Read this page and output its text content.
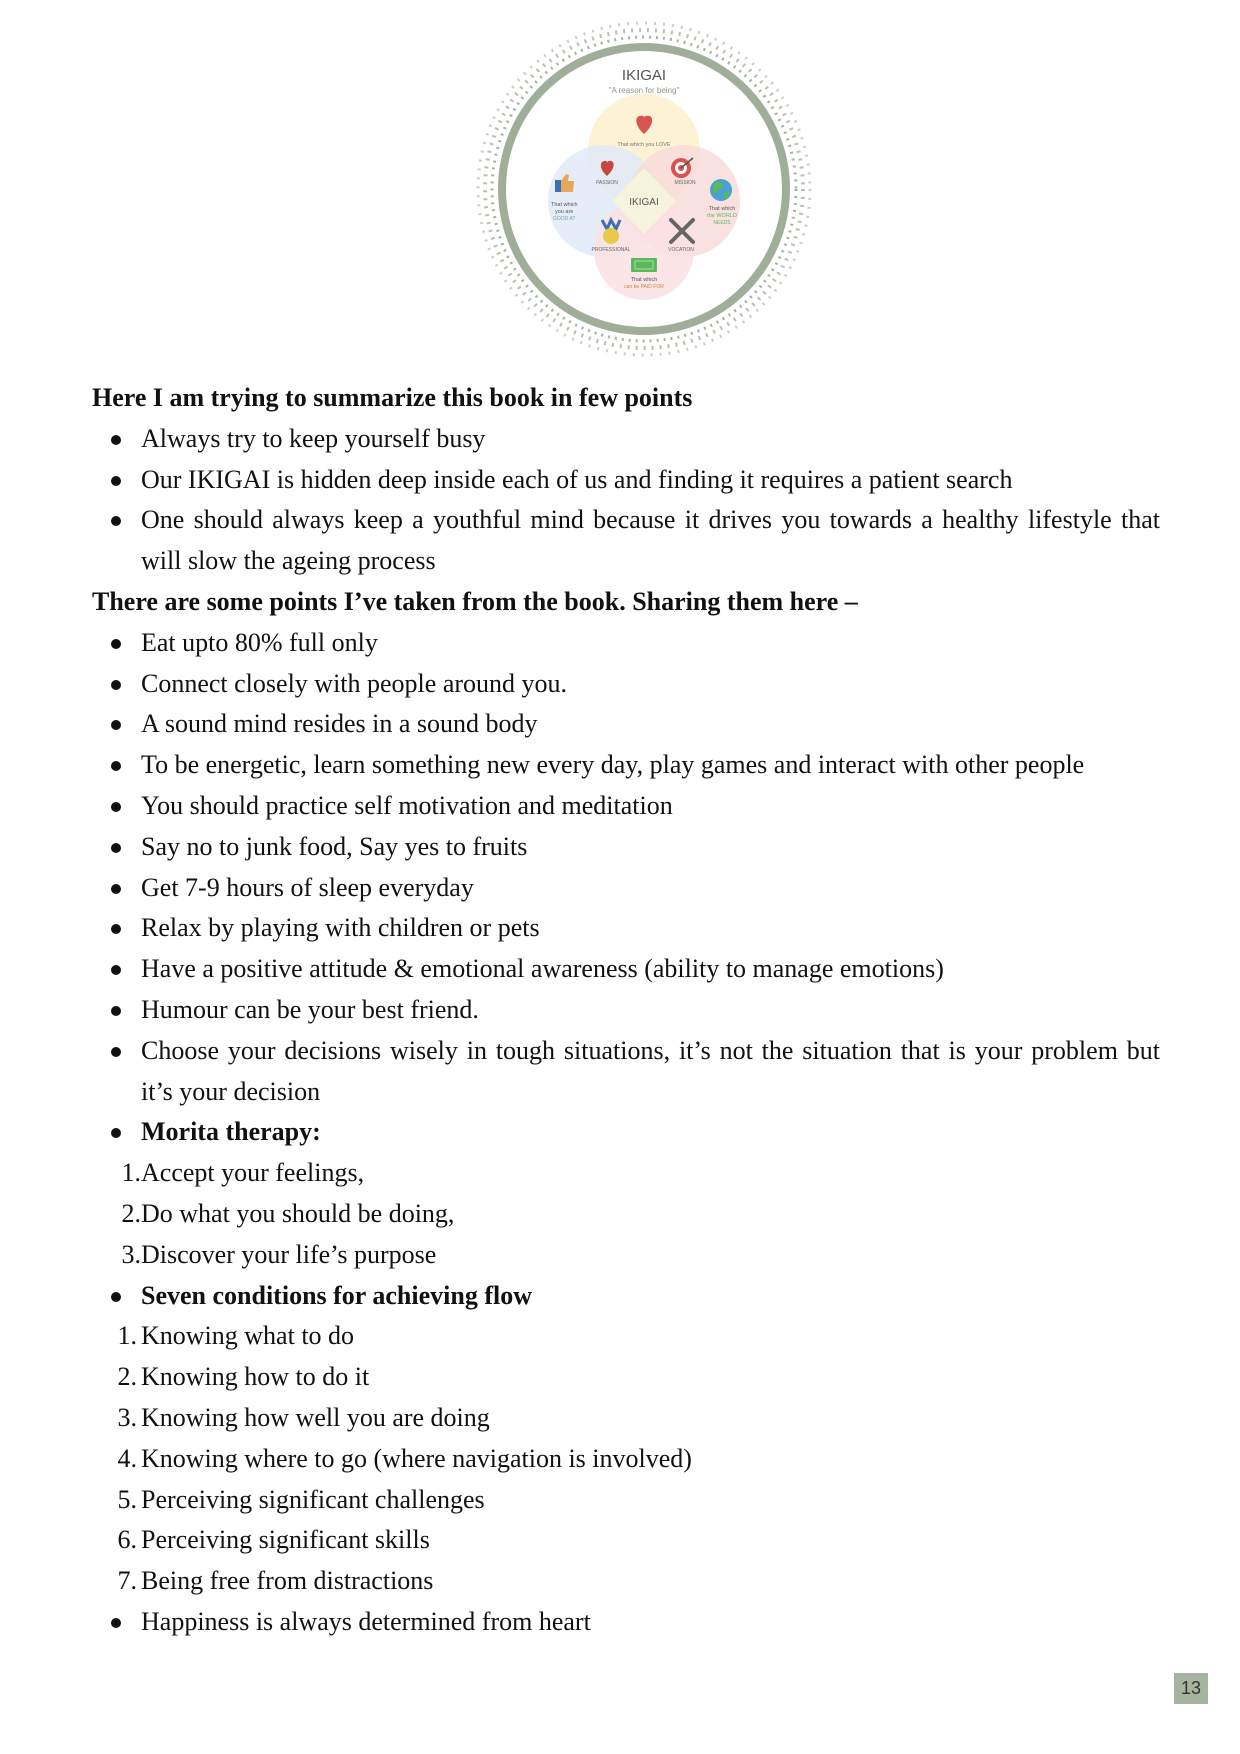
IKIGAI
"A reason for being"
That which you LOVE
PASSION	MISSION
That which
you are
GOOD AT
IKIGAI
That which
the WORLD
NEEDS
PROFESSIONAL	VOCATION
That which
can be PAID FOR
Here I am trying to summarize this book in few points
Always try to keep yourself busy
Our IKIGAI is hidden deep inside each of us and finding it requires a patient search
One should always keep a youthful mind because it drives you towards a healthy lifestyle that will slow the ageing process
There are some points I’ve taken from the book. Sharing them here –
Eat upto 80% full only
Connect closely with people around you.
A sound mind resides in a sound body
To be energetic, learn something new every day, play games and interact with other people
You should practice self motivation and meditation
Say no to junk food, Say yes to fruits
Get 7-9 hours of sleep everyday
Relax by playing with children or pets
Have a positive attitude & emotional awareness (ability to manage emotions)
Humour can be your best friend.
Choose your decisions wisely in tough situations, it’s not the situation that is your problem but it’s your decision
Morita therapy:
1. Accept your feelings,
2. Do what you should be doing,
3. Discover your life’s purpose
Seven conditions for achieving flow
1. Knowing what to do
2. Knowing how to do it
3. Knowing how well you are doing
4. Knowing where to go (where navigation is involved)
5. Perceiving significant challenges
6. Perceiving significant skills
7. Being free from distractions
Happiness is always determined from heart
13
